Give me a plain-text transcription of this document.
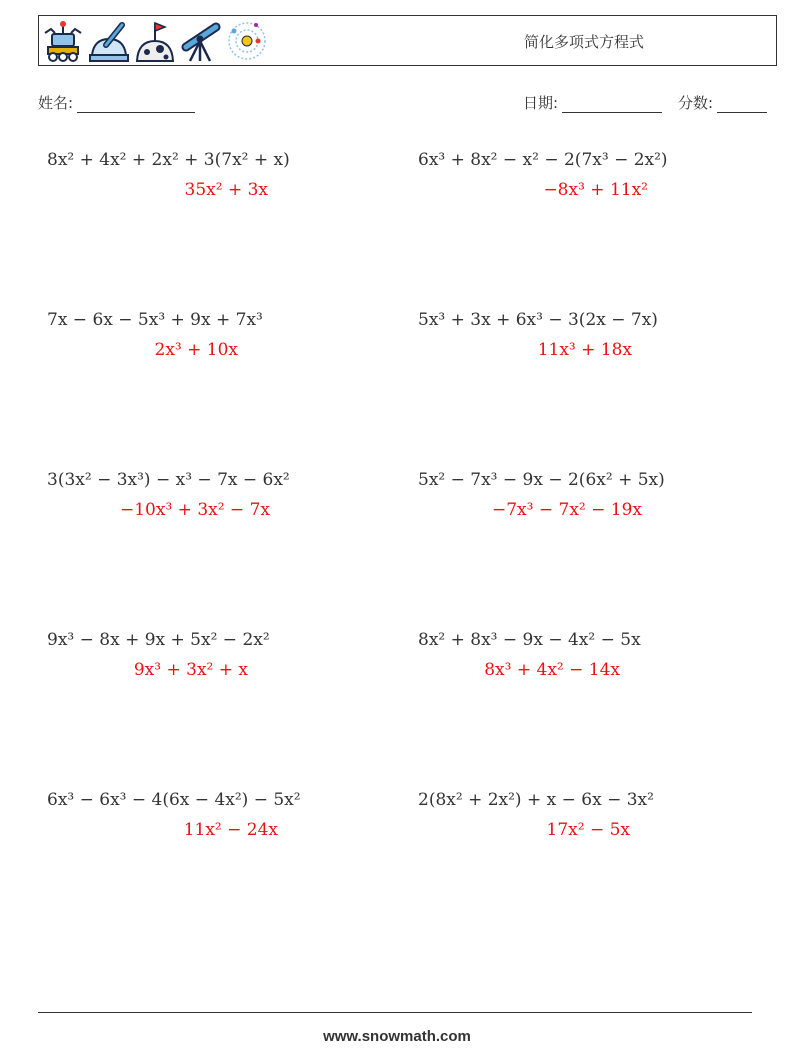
简化多项式方程式
姓名:	日期:	分数:
8x² + 4x² + 2x² + 3(7x² + x)
35x² + 3x
6x³ + 8x² − x² − 2(7x³ − 2x²)
−8x³ + 11x²
7x − 6x − 5x³ + 9x + 7x³
2x³ + 10x
5x³ + 3x + 6x³ − 3(2x − 7x)
11x³ + 18x
3(3x² − 3x³) − x³ − 7x − 6x²
−10x³ + 3x² − 7x
5x² − 7x³ − 9x − 2(6x² + 5x)
−7x³ − 7x² − 19x
9x³ − 8x + 9x + 5x² − 2x²
9x³ + 3x² + x
8x² + 8x³ − 9x − 4x² − 5x
8x³ + 4x² − 14x
6x³ − 6x³ − 4(6x − 4x²) − 5x²
11x² − 24x
2(8x² + 2x²) + x − 6x − 3x²
17x² − 5x
www.snowmath.com
